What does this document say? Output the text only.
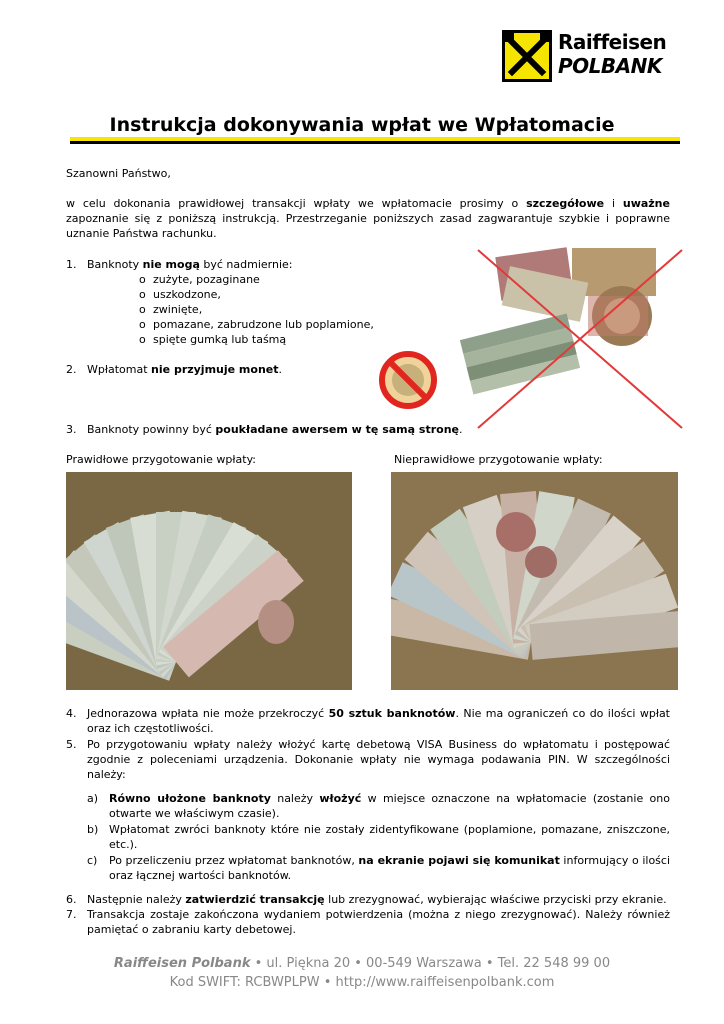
Raiffeisen
POLBANK
Instrukcja dokonywania wpłat we Wpłatomacie
Szanowni Państwo,
w celu dokonania prawidłowej transakcji wpłaty we wpłatomacie prosimy o szczegółowe i uważne zapoznanie się z poniższą instrukcją. Przestrzeganie poniższych zasad zagwarantuje szybkie i poprawne uznanie Państwa rachunku.
1. Banknoty nie mogą być nadmiernie:
o zużyte, pozaginane
o uszkodzone,
o zwinięte,
o pomazane, zabrudzone lub poplamione,
o spięte gumką lub taśmą
2. Wpłatomat nie przyjmuje monet.
3. Banknoty powinny być poukładane awersem w tę samą stronę.
Prawidłowe przygotowanie wpłaty:	Nieprawidłowe przygotowanie wpłaty:
4. Jednorazowa wpłata nie może przekroczyć 50 sztuk banknotów. Nie ma ograniczeń co do ilości wpłat oraz ich częstotliwości.
5. Po przygotowaniu wpłaty należy włożyć kartę debetową VISA Business do wpłatomatu i postępować zgodnie z poleceniami urządzenia. Dokonanie wpłaty nie wymaga podawania PIN. W szczególności należy:
a) Równo ułożone banknoty należy włożyć w miejsce oznaczone na wpłatomacie (zostanie ono otwarte we właściwym czasie).
b) Wpłatomat zwróci banknoty które nie zostały zidentyfikowane (poplamione, pomazane, zniszczone, etc.).
c) Po przeliczeniu przez wpłatomat banknotów, na ekranie pojawi się komunikat informujący o ilości oraz łącznej wartości banknotów.
6. Następnie należy zatwierdzić transakcję lub zrezygnować, wybierając właściwe przyciski przy ekranie.
7. Transakcja zostaje zakończona wydaniem potwierdzenia (można z niego zrezygnować). Należy również pamiętać o zabraniu karty debetowej.
Raiffeisen Polbank • ul. Piękna 20 • 00-549 Warszawa • Tel. 22 548 99 00
Kod SWIFT: RCBWPLPW • http://www.raiffeisenpolbank.com
